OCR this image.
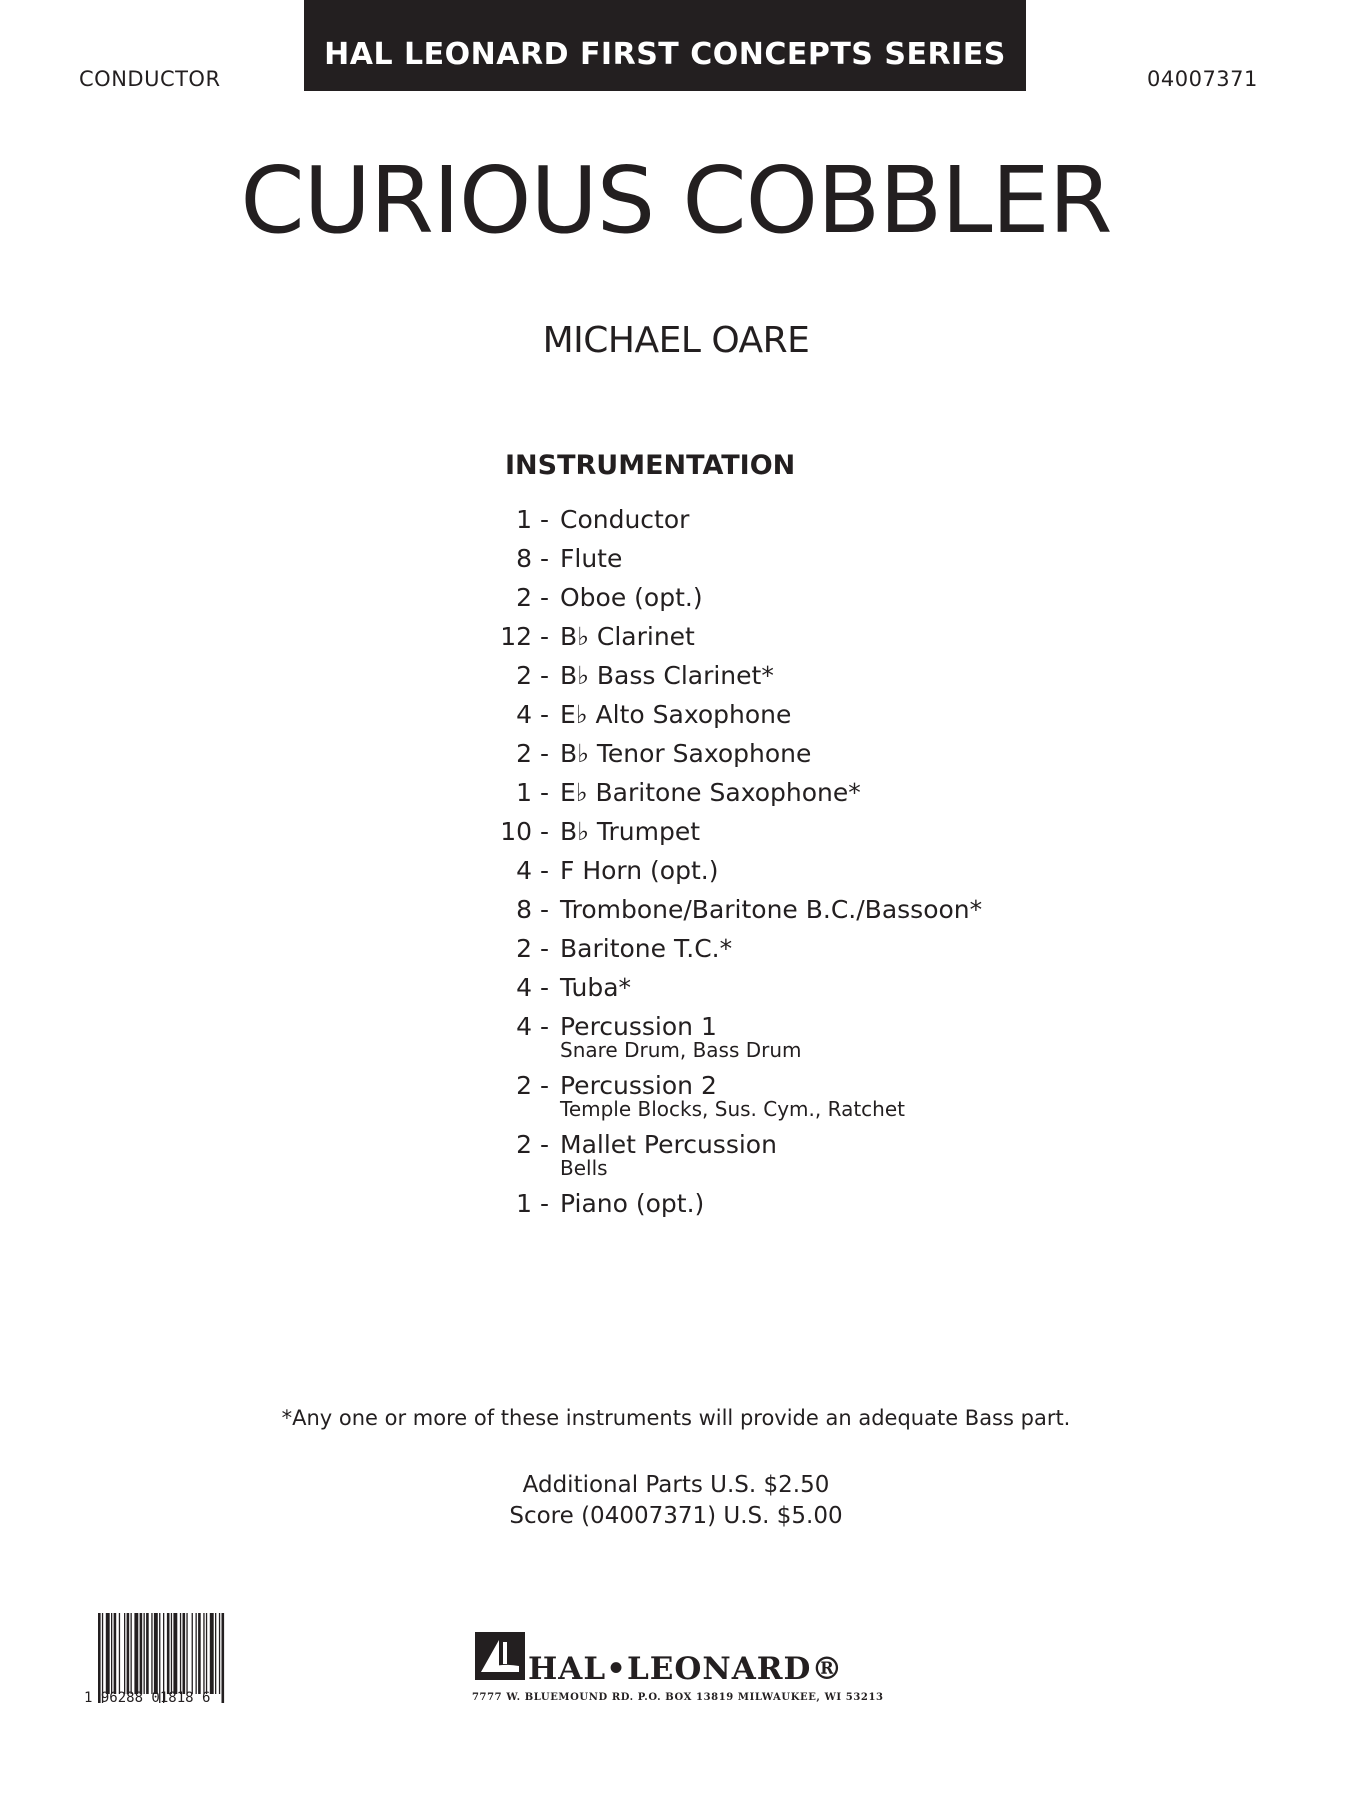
CONDUCTOR
HAL LEONARD FIRST CONCEPTS SERIES
04007371
CURIOUS COBBLER
MICHAEL OARE
INSTRUMENTATION
1 - Conductor
8 - Flute
2 - Oboe (opt.)
12 - B♭ Clarinet
2 - B♭ Bass Clarinet*
4 - E♭ Alto Saxophone
2 - B♭ Tenor Saxophone
1 - E♭ Baritone Saxophone*
10 - B♭ Trumpet
4 - F Horn (opt.)
8 - Trombone/Baritone B.C./Bassoon*
2 - Baritone T.C.*
4 - Tuba*
4 - Percussion 1
Snare Drum, Bass Drum
2 - Percussion 2
Temple Blocks, Sus. Cym., Ratchet
2 - Mallet Percussion
Bells
1 - Piano (opt.)
*Any one or more of these instruments will provide an adequate Bass part.
Additional Parts U.S. $2.50
Score (04007371) U.S. $5.00
1 96288 01818 6
HAL•LEONARD®
7777 W. BLUEMOUND RD. P.O. BOX 13819 MILWAUKEE, WI 53213
